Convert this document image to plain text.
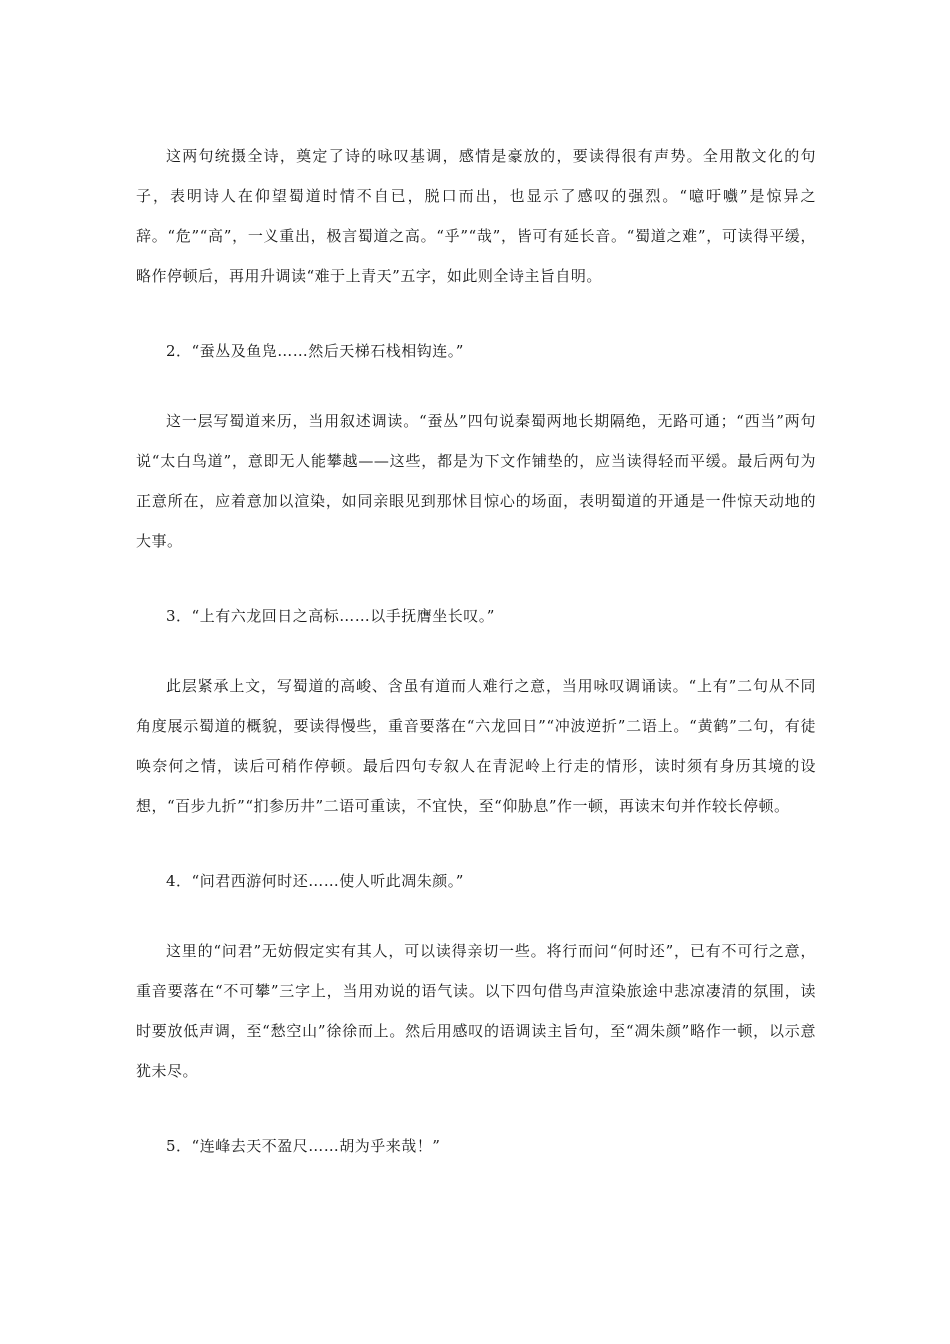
这两句统摄全诗，奠定了诗的咏叹基调，感情是豪放的，要读得很有声势。全用散文化的句子，表明诗人在仰望蜀道时情不自已，脱口而出，也显示了感叹的强烈。“噫吁嚱”是惊异之辞。“危”“高”，一义重出，极言蜀道之高。“乎”“哉”，皆可有延长音。“蜀道之难”，可读得平缓，略作停顿后，再用升调读“难于上青天”五字，如此则全诗主旨自明。

2．“蚕丛及鱼凫……然后天梯石栈相钩连。”

这一层写蜀道来历，当用叙述调读。“蚕丛”四句说秦蜀两地长期隔绝，无路可通；“西当”两句说“太白鸟道”，意即无人能攀越——这些，都是为下文作铺垫的，应当读得轻而平缓。最后两句为正意所在，应着意加以渲染，如同亲眼见到那怵目惊心的场面，表明蜀道的开通是一件惊天动地的大事。

3．“上有六龙回日之高标……以手抚膺坐长叹。”

此层紧承上文，写蜀道的高峻、含虽有道而人难行之意，当用咏叹调诵读。“上有”二句从不同角度展示蜀道的概貌，要读得慢些，重音要落在“六龙回日”“冲波逆折”二语上。“黄鹤”二句，有徒唤奈何之情，读后可稍作停顿。最后四句专叙人在青泥岭上行走的情形，读时须有身历其境的设想，“百步九折”“扪参历井”二语可重读，不宜快，至“仰胁息”作一顿，再读末句并作较长停顿。

4．“问君西游何时还……使人听此凋朱颜。”

这里的“问君”无妨假定实有其人，可以读得亲切一些。将行而问“何时还”，已有不可行之意，重音要落在“不可攀”三字上，当用劝说的语气读。以下四句借鸟声渲染旅途中悲凉凄清的氛围，读时要放低声调，至“愁空山”徐徐而上。然后用感叹的语调读主旨句，至“凋朱颜”略作一顿，以示意犹未尽。

5．“连峰去天不盈尺……胡为乎来哉！”
